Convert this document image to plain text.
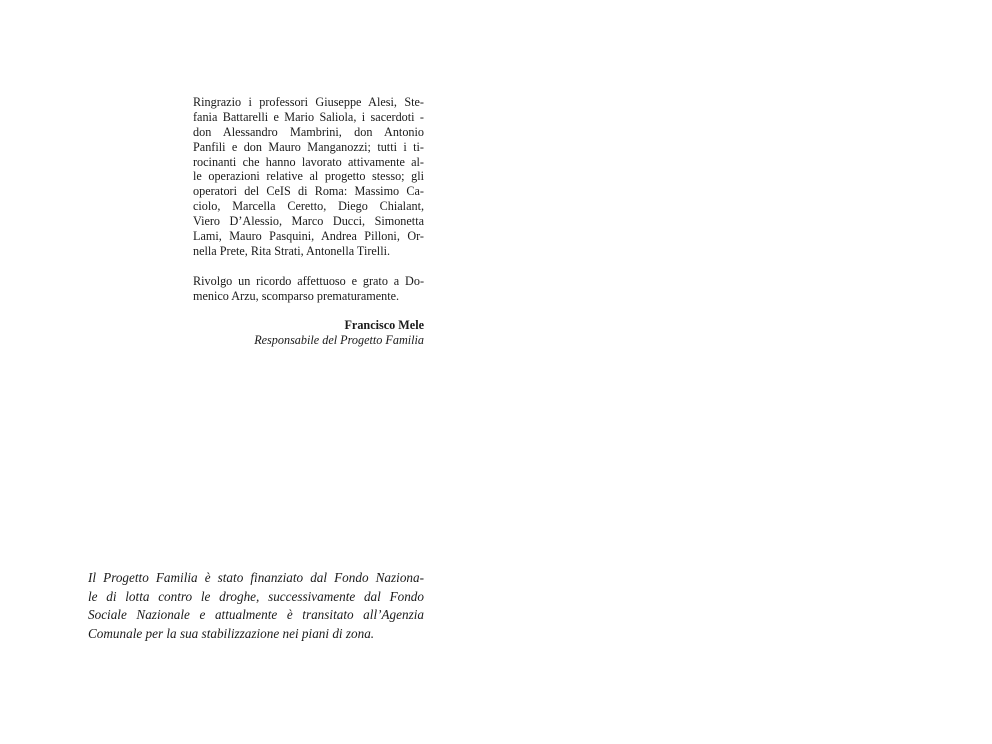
Ringrazio i professori Giuseppe Alesi, Ste-
fania Battarelli e Mario Saliola, i sacerdoti -
don Alessandro Mambrini, don Antonio
Panfili e don Mauro Manganozzi; tutti i ti-
rocinanti che hanno lavorato attivamente al-
le operazioni relative al progetto stesso; gli
operatori del CeIS di Roma: Massimo Ca-
ciolo, Marcella Ceretto, Diego Chialant,
Viero D’Alessio, Marco Ducci, Simonetta
Lami, Mauro Pasquini, Andrea Pilloni, Or-
nella Prete, Rita Strati, Antonella Tirelli.
Rivolgo un ricordo affettuoso e grato a Do-
menico Arzu, scomparso prematuramente.
Francisco Mele
Responsabile del Progetto Familia
Il Progetto Familia è stato finanziato dal Fondo Naziona-
le di lotta contro le droghe, successivamente dal Fondo
Sociale Nazionale e attualmente è transitato all’Agenzia
Comunale per la sua stabilizzazione nei piani di zona.
